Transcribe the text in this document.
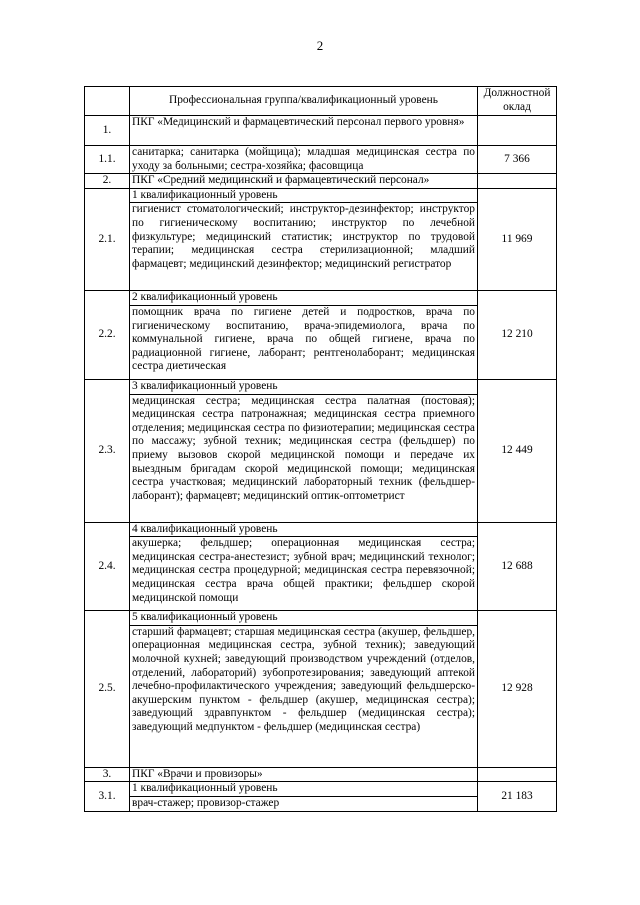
2
	Профессиональная группа/квалификационный уровень	Должностной оклад
1.	ПКГ «Медицинский и фармацевтический персонал первого уровня»	
1.1.	санитарка; санитарка (мойщица); младшая медицинская сестра по уходу за больными; сестра-хозяйка; фасовщица	7 366
2.	ПКГ «Средний медицинский и фармацевтический персонал»	
2.1.	1 квалификационный уровень	11 969
	гигиенист стоматологический; инструктор-дезинфектор; инструктор по гигиеническому воспитанию; инструктор по лечебной физкультуре; медицинский статистик; инструктор по трудовой терапии; медицинская сестра стерилизационной; младший фармацевт; медицинский дезинфектор; медицинский регистратор	
2.2.	2 квалификационный уровень	12 210
	помощник врача по гигиене детей и подростков, врача по гигиеническому воспитанию, врача-эпидемиолога, врача по коммунальной гигиене, врача по общей гигиене, врача по радиационной гигиене, лаборант; рентгенолаборант; медицинская сестра диетическая	
2.3.	3 квалификационный уровень	12 449
	медицинская сестра; медицинская сестра палатная (постовая); медицинская сестра патронажная; медицинская сестра приемного отделения; медицинская сестра по физиотерапии; медицинская сестра по массажу; зубной техник; медицинская сестра (фельдшер) по приему вызовов скорой медицинской помощи и передаче их выездным бригадам скорой медицинской помощи; медицинская сестра участковая; медицинский лабораторный техник (фельдшер-лаборант); фармацевт; медицинский оптик-оптометрист	
2.4.	4 квалификационный уровень	12 688
	акушерка; фельдшер; операционная медицинская сестра; медицинская сестра-анестезист; зубной врач; медицинский технолог; медицинская сестра процедурной; медицинская сестра перевязочной; медицинская сестра врача общей практики; фельдшер скорой медицинской помощи	
2.5.	5 квалификационный уровень	12 928
	старший фармацевт; старшая медицинская сестра (акушер, фельдшер, операционная медицинская сестра, зубной техник); заведующий молочной кухней; заведующий производством учреждений (отделов, отделений, лабораторий) зубопротезирования; заведующий аптекой лечебно-профилактического учреждения; заведующий фельдшерско-акушерским пунктом - фельдшер (акушер, медицинская сестра); заведующий здравпунктом - фельдшер (медицинская сестра); заведующий медпунктом - фельдшер (медицинская сестра)	
3.	ПКГ «Врачи и провизоры»	
3.1.	1 квалификационный уровень	21 183
	врач-стажер; провизор-стажер	
